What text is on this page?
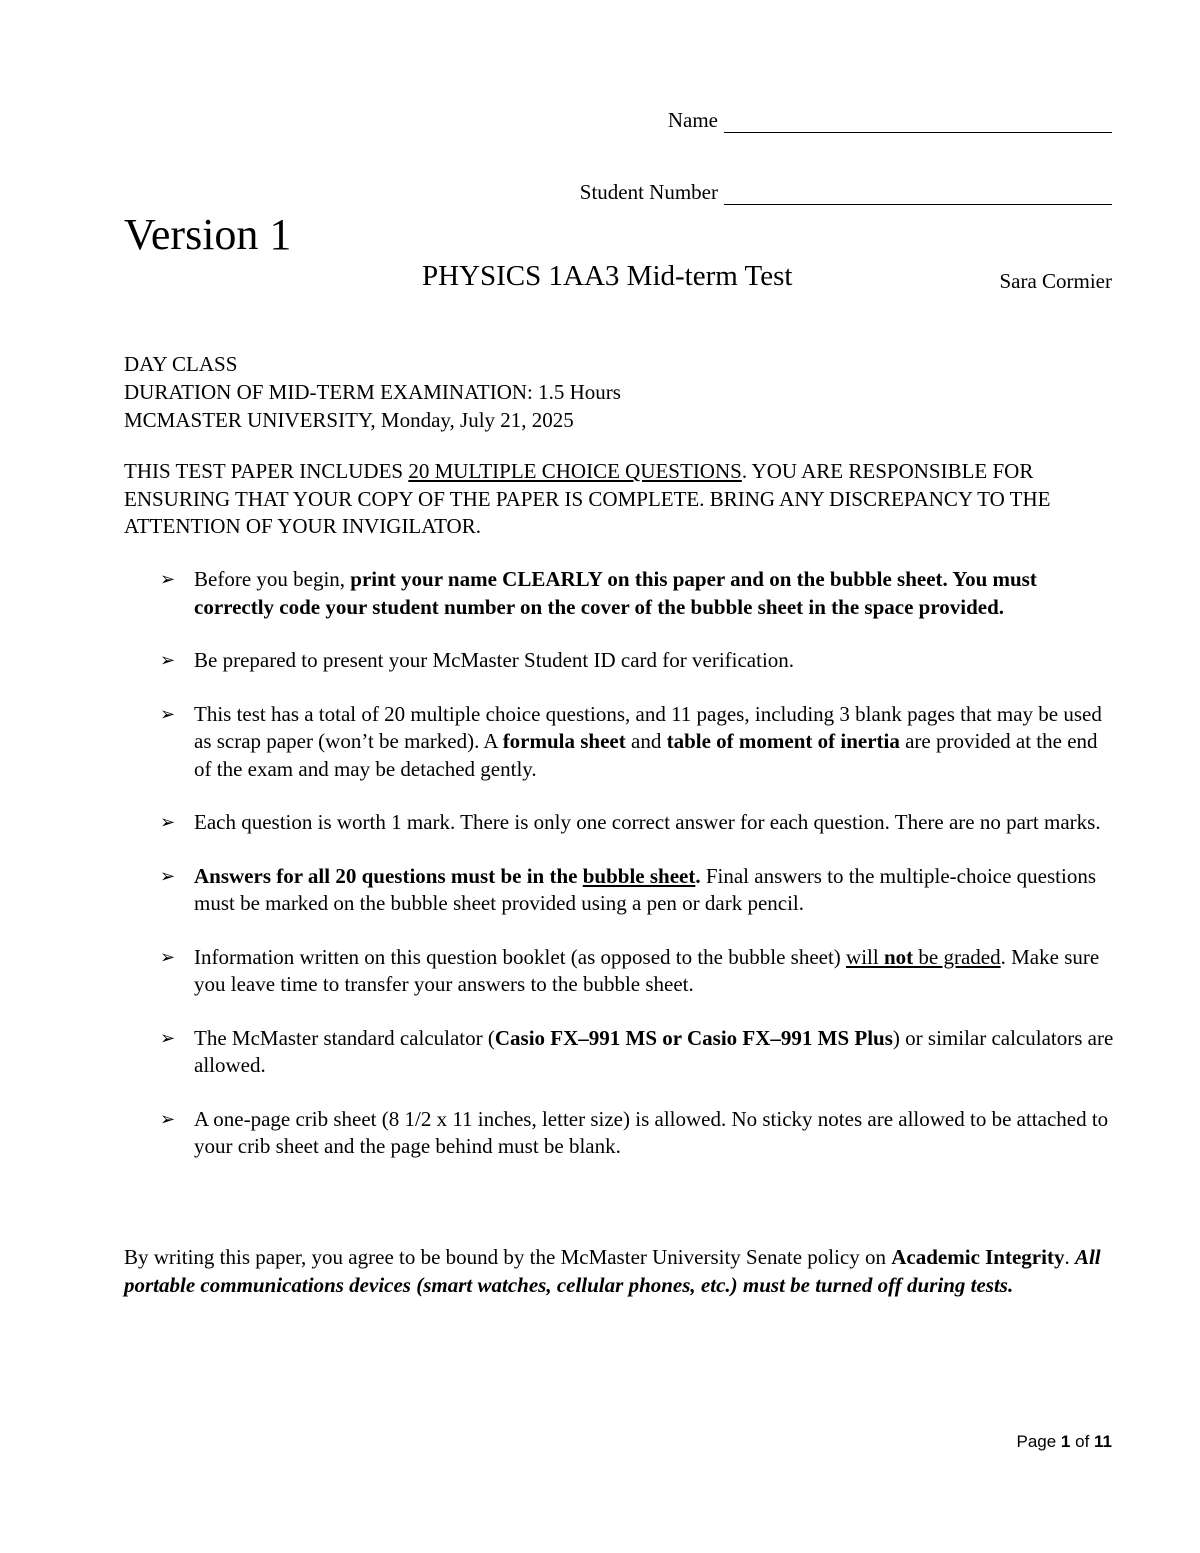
Name
Student Number
Version 1
PHYSICS 1AA3 Mid-term Test	Sara Cormier
DAY CLASS
DURATION OF MID-TERM EXAMINATION: 1.5 Hours
MCMASTER UNIVERSITY, Monday, July 21, 2025
THIS TEST PAPER INCLUDES 20 MULTIPLE CHOICE QUESTIONS. YOU ARE RESPONSIBLE FOR ENSURING THAT YOUR COPY OF THE PAPER IS COMPLETE. BRING ANY DISCREPANCY TO THE ATTENTION OF YOUR INVIGILATOR.
➢ Before you begin, print your name CLEARLY on this paper and on the bubble sheet. You must correctly code your student number on the cover of the bubble sheet in the space provided.
➢ Be prepared to present your McMaster Student ID card for verification.
➢ This test has a total of 20 multiple choice questions, and 11 pages, including 3 blank pages that may be used as scrap paper (won’t be marked). A formula sheet and table of moment of inertia are provided at the end of the exam and may be detached gently.
➢ Each question is worth 1 mark. There is only one correct answer for each question. There are no part marks.
➢ Answers for all 20 questions must be in the bubble sheet. Final answers to the multiple-choice questions must be marked on the bubble sheet provided using a pen or dark pencil.
➢ Information written on this question booklet (as opposed to the bubble sheet) will not be graded. Make sure you leave time to transfer your answers to the bubble sheet.
➢ The McMaster standard calculator (Casio FX–991 MS or Casio FX–991 MS Plus) or similar calculators are allowed.
➢ A one-page crib sheet (8 1/2 x 11 inches, letter size) is allowed. No sticky notes are allowed to be attached to your crib sheet and the page behind must be blank.
By writing this paper, you agree to be bound by the McMaster University Senate policy on Academic Integrity. All portable communications devices (smart watches, cellular phones, etc.) must be turned off during tests.
Page 1 of 11
